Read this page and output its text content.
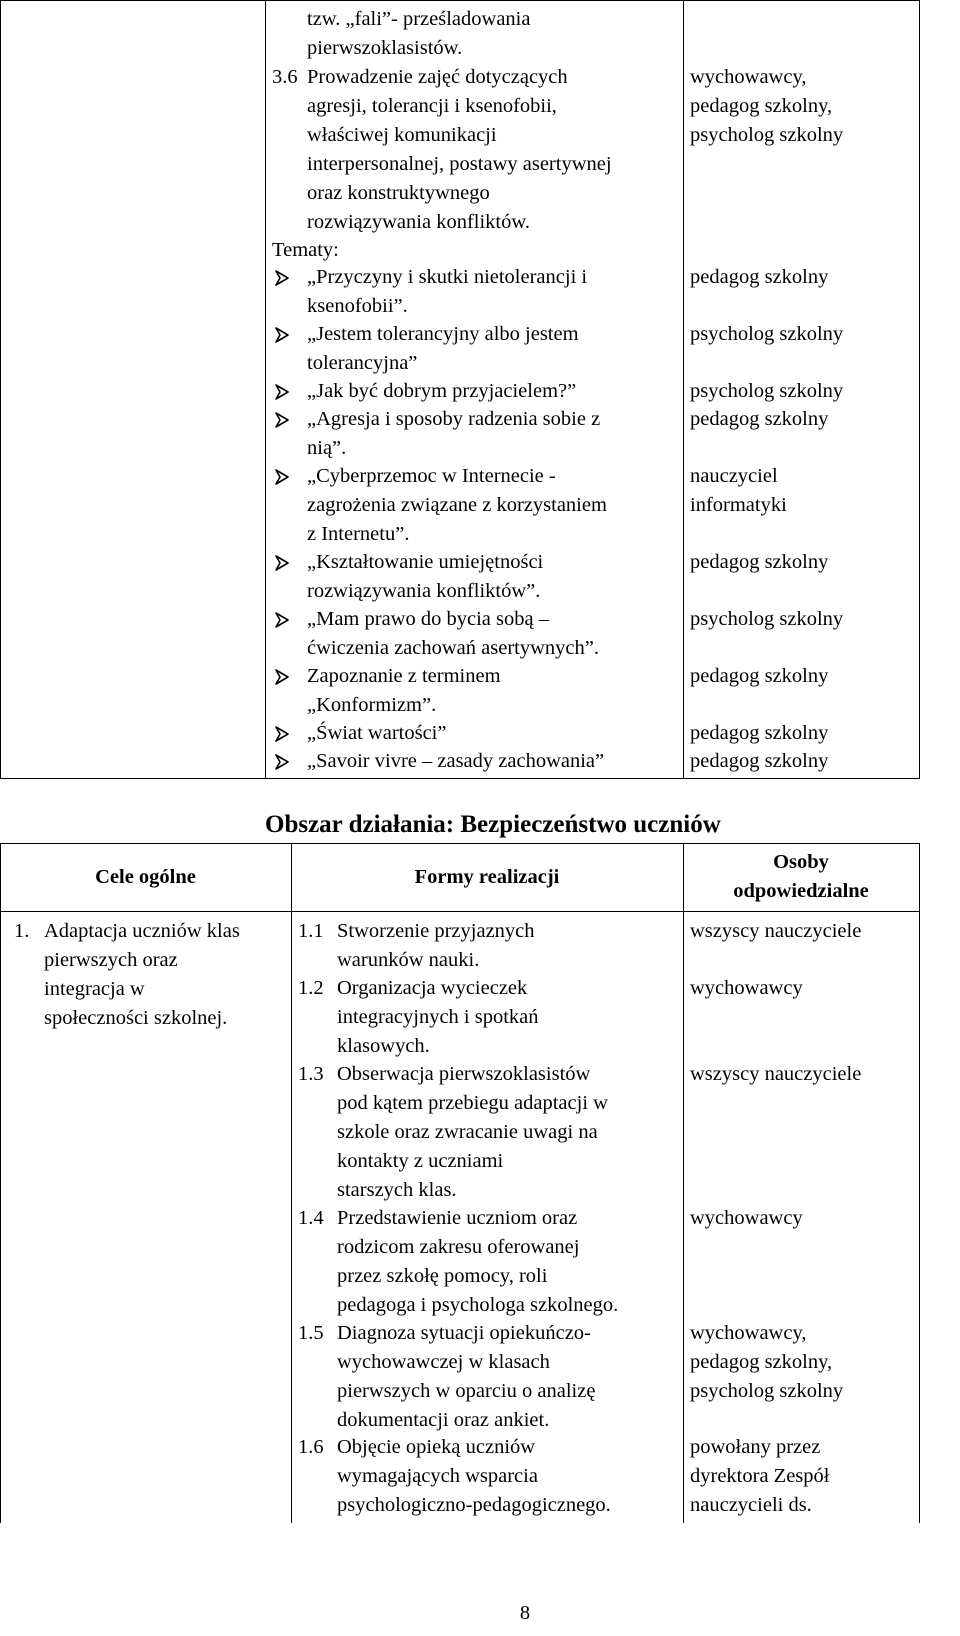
tzw. „fali”- prześladowania
pierwszoklasistów.
3.6 Prowadzenie zajęć dotyczących
agresji, tolerancji i ksenofobii,
właściwej komunikacji
interpersonalnej, postawy asertywnej
oraz konstruktywnego
rozwiązywania konfliktów.
Tematy:
„Przyczyny i skutki nietolerancji i
ksenofobii”.
„Jestem tolerancyjny albo jestem
tolerancyjna”
„Jak być dobrym przyjacielem?”
„Agresja i sposoby radzenia sobie z
nią”.
„Cyberprzemoc w Internecie -
zagrożenia związane z korzystaniem
z Internetu”.
„Kształtowanie umiejętności
rozwiązywania konfliktów”.
„Mam prawo do bycia sobą –
ćwiczenia zachowań asertywnych”.
Zapoznanie z terminem
„Konformizm”.
„Świat wartości”
„Savoir vivre – zasady zachowania”
wychowawcy,
pedagog szkolny,
psycholog szkolny
pedagog szkolny
psycholog szkolny
psycholog szkolny
pedagog szkolny
nauczyciel
informatyki
pedagog szkolny
psycholog szkolny
pedagog szkolny
pedagog szkolny
pedagog szkolny
Obszar działania: Bezpieczeństwo uczniów
Cele ogólne	Formy realizacji
Osoby
odpowiedzialne
1. Adaptacja uczniów klas
pierwszych oraz
integracja w
społeczności szkolnej.
1.1 Stworzenie przyjaznych
warunków nauki.
1.2 Organizacja wycieczek
integracyjnych i spotkań
klasowych.
1.3 Obserwacja pierwszoklasistów
pod kątem przebiegu adaptacji w
szkole oraz zwracanie uwagi na
kontakty z uczniami
starszych klas.
1.4 Przedstawienie uczniom oraz
rodzicom zakresu oferowanej
przez szkołę pomocy, roli
pedagoga i psychologa szkolnego.
1.5 Diagnoza sytuacji opiekuńczo-
wychowawczej w klasach
pierwszych w oparciu o analizę
dokumentacji oraz ankiet.
1.6 Objęcie opieką uczniów
wymagających wsparcia
psychologiczno-pedagogicznego.
wszyscy nauczyciele
wychowawcy
wszyscy nauczyciele
wychowawcy
wychowawcy,
pedagog szkolny,
psycholog szkolny
powołany przez
dyrektora Zespół
nauczycieli ds.
8
